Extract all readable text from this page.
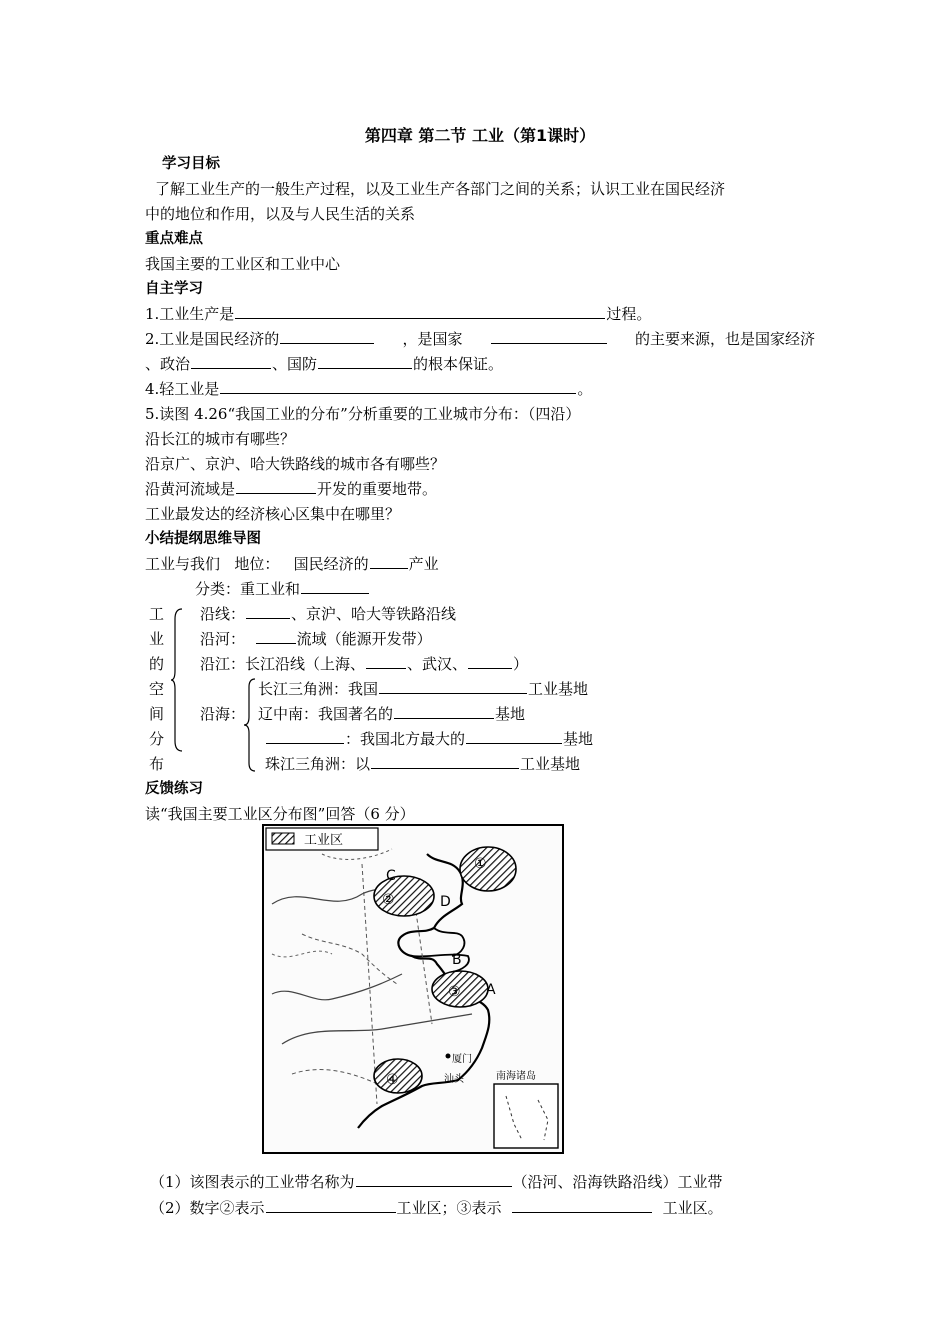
第四章 第二节 工业（第1课时）
学习目标
了解工业生产的一般生产过程，以及工业生产各部门之间的关系；认识工业在国民经济
中的地位和作用，以及与人民生活的关系
重点难点
我国主要的工业区和工业中心
自主学习
1.工业生产是	过程。
2.工业是国民经济的	，是国家	的主要来源，也是国家经济
、政治	、国防	的根本保证。
4.轻工业是	。
5.读图 4.26“我国工业的分布”分析重要的工业城市分布：（四沿）
沿长江的城市有哪些？
沿京广、京沪、哈大铁路线的城市各有哪些？
沿黄河流域是	开发的重要地带。
工业最发达的经济核心区集中在哪里？
小结提纲思维导图
工业与我们 地位： 国民经济的	产业
分类：重工业和
工
业
的
空
间
分
布
沿线：	、京沪、哈大等铁路沿线
沿河：	流域（能源开发带）
沿江：长江沿线（上海、	、武汉、	）
沿海：
长江三角洲：我国	工业基地
辽中南：我国著名的	基地
：我国北方最大的	基地
珠江三角洲：以	工业基地
反馈练习
读“我国主要工业区分布图”回答（6 分）
工业区
①
②
③
④
A
B
C
D
厦门
汕头	南海诸岛
（1）该图表示的工业带名称为	（沿河、沿海铁路沿线）工业带
（2）数字②表示	工业区；③表示	工业区。
